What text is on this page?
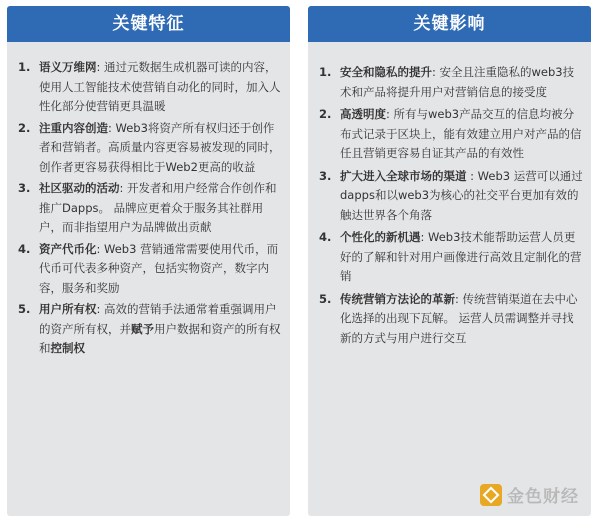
关键特征
1. 语义万维网: 通过元数据生成机器可读的内容，使用人工智能技术使营销自动化的同时，加入人性化部分使营销更具温暖
2. 注重内容创造: Web3将资产所有权归还于创作者和营销者。高质量内容更容易被发现的同时，创作者更容易获得相比于Web2更高的收益
3. 社区驱动的活动: 开发者和用户经常合作创作和推广Dapps。 品牌应更着众于服务其社群用户，而非指望用户为品牌做出贡献
4. 资产代币化: Web3 营销通常需要使用代币，而代币可代表多种资产，包括实物资产，数字内容，服务和奖励
5. 用户所有权: 高效的营销手法通常着重强调用户的资产所有权，并赋予用户数据和资产的所有权和控制权
关键影响
1. 安全和隐私的提升: 安全且注重隐私的web3技术和产品将提升用户对营销信息的接受度
2. 高透明度: 所有与web3产品交互的信息均被分布式记录于区块上，能有效建立用户对产品的信任且营销更容易自证其产品的有效性
3. 扩大进入全球市场的渠道 : Web3 运营可以通过dapps和以web3为核心的社交平台更加有效的触达世界各个角落
4. 个性化的新机遇: Web3技术能帮助运营人员更好的了解和针对用户画像进行高效且定制化的营销
5. 传统营销方法论的革新: 传统营销渠道在去中心化选择的出现下瓦解。 运营人员需调整并寻找新的方式与用户进行交互
金色财经
